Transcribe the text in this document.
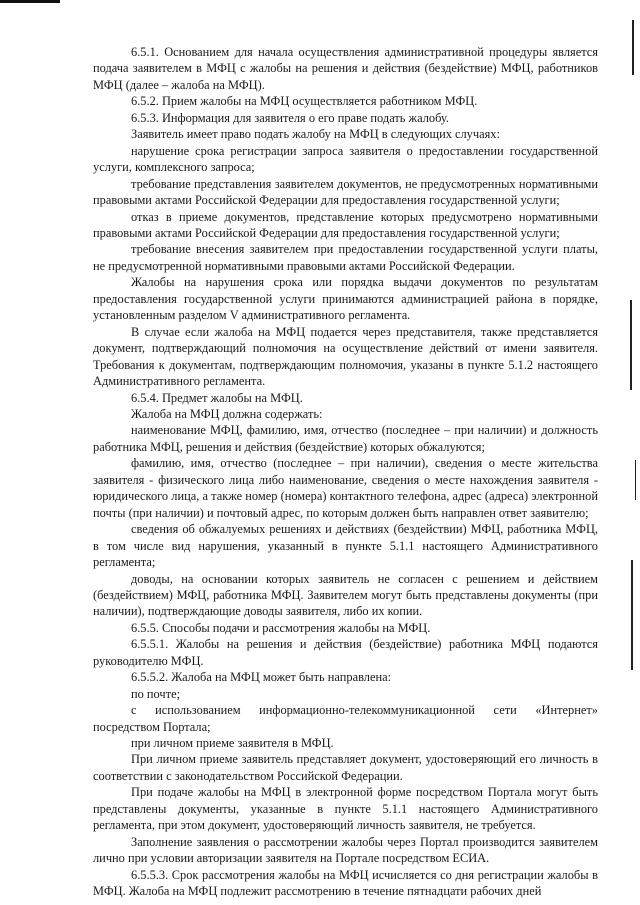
6.5.1. Основанием для начала осуществления административной процедуры является подача заявителем в МФЦ с жалобы на решения и действия (бездействие) МФЦ, работников МФЦ (далее – жалоба на МФЦ).

6.5.2. Прием жалобы на МФЦ осуществляется работником МФЦ.

6.5.3. Информация для заявителя о его праве подать жалобу.

Заявитель имеет право подать жалобу на МФЦ в следующих случаях:

нарушение срока регистрации запроса заявителя о предоставлении государственной услуги, комплексного запроса;

требование представления заявителем документов, не предусмотренных нормативными правовыми актами Российской Федерации для предоставления государственной услуги;

отказ в приеме документов, представление которых предусмотрено нормативными правовыми актами Российской Федерации для предоставления государственной услуги;

требование внесения заявителем при предоставлении государственной услуги платы, не предусмотренной нормативными правовыми актами Российской Федерации.

Жалобы на нарушения срока или порядка выдачи документов по результатам предоставления государственной услуги принимаются администрацией района в порядке, установленным разделом V административного регламента.

В случае если жалоба на МФЦ подается через представителя, также представляется документ, подтверждающий полномочия на осуществление действий от имени заявителя. Требования к документам, подтверждающим полномочия, указаны в пункте 5.1.2 настоящего Административного регламента.

6.5.4. Предмет жалобы на МФЦ.

Жалоба на МФЦ должна содержать:

наименование МФЦ, фамилию, имя, отчество (последнее – при наличии) и должность работника МФЦ, решения и действия (бездействие) которых обжалуются;

фамилию, имя, отчество (последнее – при наличии), сведения о месте жительства заявителя - физического лица либо наименование, сведения о месте нахождения заявителя - юридического лица, а также номер (номера) контактного телефона, адрес (адреса) электронной почты (при наличии) и почтовый адрес, по которым должен быть направлен ответ заявителю;

сведения об обжалуемых решениях и действиях (бездействии) МФЦ, работника МФЦ, в том числе вид нарушения, указанный в пункте 5.1.1 настоящего Административного регламента;

доводы, на основании которых заявитель не согласен с решением и действием (бездействием) МФЦ, работника МФЦ. Заявителем могут быть представлены документы (при наличии), подтверждающие доводы заявителя, либо их копии.

6.5.5. Способы подачи и рассмотрения жалобы на МФЦ.

6.5.5.1. Жалобы на решения и действия (бездействие) работника МФЦ подаются руководителю МФЦ.

6.5.5.2. Жалоба на МФЦ может быть направлена:

по почте;

с использованием информационно-телекоммуникационной сети «Интернет» посредством Портала;

при личном приеме заявителя в МФЦ.

При личном приеме заявитель представляет документ, удостоверяющий его личность в соответствии с законодательством Российской Федерации.

При подаче жалобы на МФЦ в электронной форме посредством Портала могут быть представлены документы, указанные в пункте 5.1.1 настоящего Административного регламента, при этом документ, удостоверяющий личность заявителя, не требуется.

Заполнение заявления о рассмотрении жалобы через Портал производится заявителем лично при условии авторизации заявителя на Портале посредством ЕСИА.

6.5.5.3. Срок рассмотрения жалобы на МФЦ исчисляется со дня регистрации жалобы в МФЦ. Жалоба на МФЦ подлежит рассмотрению в течение пятнадцати рабочих дней
